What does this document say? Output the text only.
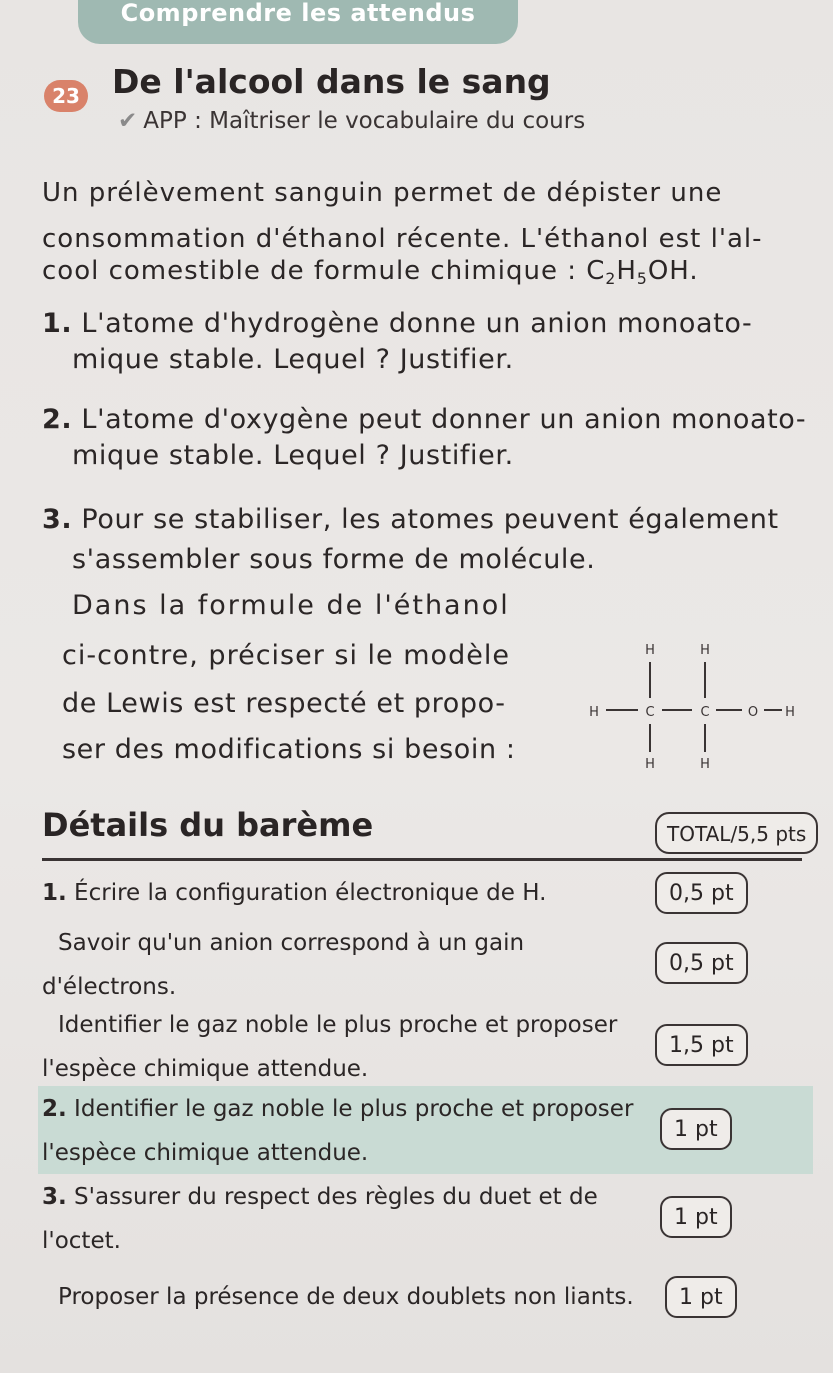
Comprendre les attendus
23 De l'alcool dans le sang
✔ APP : Maîtriser le vocabulaire du cours
Un prélèvement sanguin permet de dépister une
consommation d'éthanol récente. L'éthanol est l'al-
cool comestible de formule chimique : C2H5OH.
1. L'atome d'hydrogène donne un anion monoato-
mique stable. Lequel ? Justifier.
2. L'atome d'oxygène peut donner un anion monoato-
mique stable. Lequel ? Justifier.
3. Pour se stabiliser, les atomes peuvent également
s'assembler sous forme de molécule.
Dans la formule de l'éthanol
ci-contre, préciser si le modèle
de Lewis est respecté et propo-
ser des modifications si besoin :
H	H
H	C	C	O H
H	H
Détails du barème	TOTAL/5,5 pts
1. Écrire la configuration électronique de H.	0,5 pt
Savoir qu'un anion correspond à un gain
d'électrons.
0,5 pt
Identifier le gaz noble le plus proche et proposer
l'espèce chimique attendue.
1,5 pt
2. Identifier le gaz noble le plus proche et proposer
l'espèce chimique attendue.
1 pt
3. S'assurer du respect des règles du duet et de
l'octet.
1 pt
Proposer la présence de deux doublets non liants.	1 pt
